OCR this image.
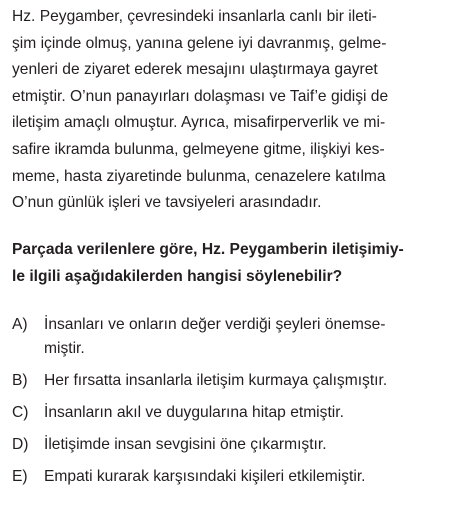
Hz. Peygamber, çevresindeki insanlarla canlı bir ileti-
şim içinde olmuş, yanına gelene iyi davranmış, gelme-
yenleri de ziyaret ederek mesajını ulaştırmaya gayret
etmiştir. O’nun panayırları dolaşması ve Taif’e gidişi de
iletişim amaçlı olmuştur. Ayrıca, misafirperverlik ve mi-
safire ikramda bulunma, gelmeyene gitme, ilişkiyi kes-
meme, hasta ziyaretinde bulunma, cenazelere katılma
O’nun günlük işleri ve tavsiyeleri arasındadır.
Parçada verilenlere göre, Hz. Peygamberin iletişimiy-
le ilgili aşağıdakilerden hangisi söylenebilir?
A)	İnsanları ve onların değer verdiği şeyleri önemse-
miştir.
B)	Her fırsatta insanlarla iletişim kurmaya çalışmıştır.
C) İnsanların akıl ve duygularına hitap etmiştir.
D) İletişimde insan sevgisini öne çıkarmıştır.
E)	Empati kurarak karşısındaki kişileri etkilemiştir.
